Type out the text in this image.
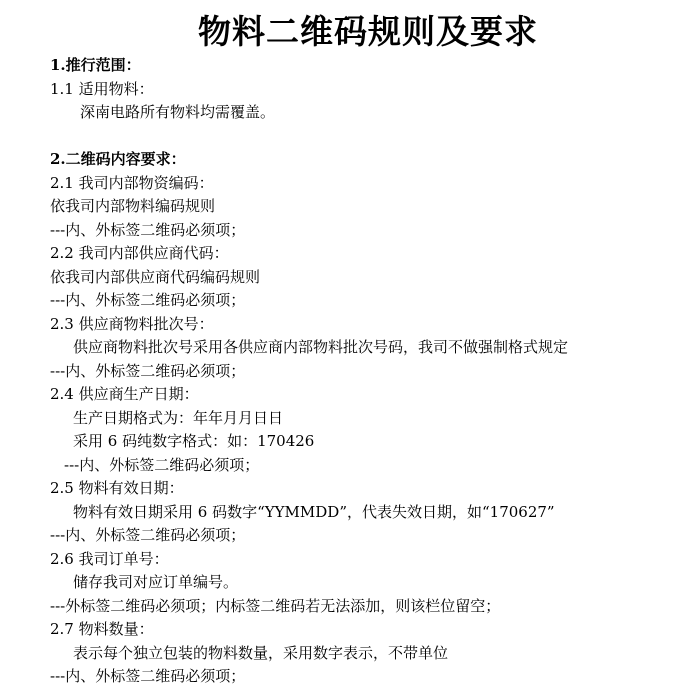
物料二维码规则及要求
1.推行范围：
1.1 适用物料：
深南电路所有物料均需覆盖。
2.二维码内容要求：
2.1 我司内部物资编码：
依我司内部物料编码规则
---内、外标签二维码必须项；
2.2 我司内部供应商代码：
依我司内部供应商代码编码规则
---内、外标签二维码必须项；
2.3 供应商物料批次号：
供应商物料批次号采用各供应商内部物料批次号码，我司不做强制格式规定
---内、外标签二维码必须项；
2.4 供应商生产日期：
生产日期格式为：年年月月日日
采用 6 码纯数字格式：如：170426
---内、外标签二维码必须项；
2.5 物料有效日期：
物料有效日期采用 6 码数字“YYMMDD”，代表失效日期，如“170627”
---内、外标签二维码必须项；
2.6 我司订单号：
储存我司对应订单编号。
---外标签二维码必须项；内标签二维码若无法添加，则该栏位留空；
2.7 物料数量：
表示每个独立包装的物料数量，采用数字表示，不带单位
---内、外标签二维码必须项；
